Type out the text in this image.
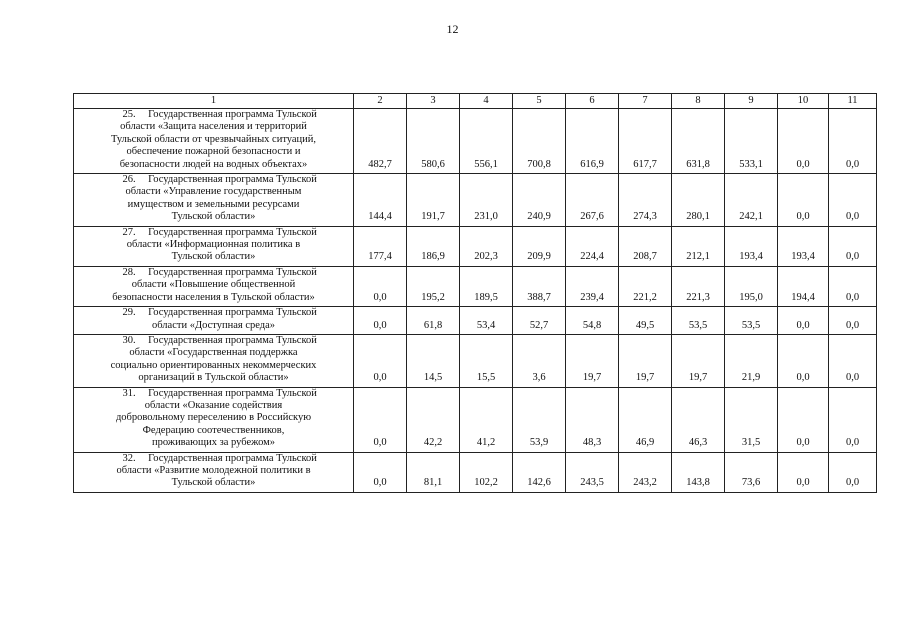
12
1	2	3	4	5	6	7	8	9	10	11

25. Государственная программа Тульской
области «Защита населения и территорий
Тульской области от чрезвычайных ситуаций,
обеспечение пожарной безопасности и
безопасности людей на водных объектах»	482,7	580,6	556,1	700,8	616,9	617,7	631,8	533,1	0,0	0,0

26. Государственная программа Тульской
области «Управление государственным
имуществом и земельными ресурсами
Тульской области»	144,4	191,7	231,0	240,9	267,6	274,3	280,1	242,1	0,0	0,0

27. Государственная программа Тульской
области «Информационная политика в
Тульской области»	177,4	186,9	202,3	209,9	224,4	208,7	212,1	193,4	193,4	0,0

28. Государственная программа Тульской
области «Повышение общественной
безопасности населения в Тульской области»	0,0	195,2	189,5	388,7	239,4	221,2	221,3	195,0	194,4	0,0

29. Государственная программа Тульской
области «Доступная среда»	0,0	61,8	53,4	52,7	54,8	49,5	53,5	53,5	0,0	0,0

30. Государственная программа Тульской
области «Государственная поддержка
социально ориентированных некоммерческих
организаций в Тульской области»	0,0	14,5	15,5	3,6	19,7	19,7	19,7	21,9	0,0	0,0

31. Государственная программа Тульской
области «Оказание содействия
добровольному переселению в Российскую
Федерацию соотечественников,
проживающих за рубежом»	0,0	42,2	41,2	53,9	48,3	46,9	46,3	31,5	0,0	0,0

32. Государственная программа Тульской
области «Развитие молодежной политики в
Тульской области»	0,0	81,1	102,2	142,6	243,5	243,2	143,8	73,6	0,0	0,0
